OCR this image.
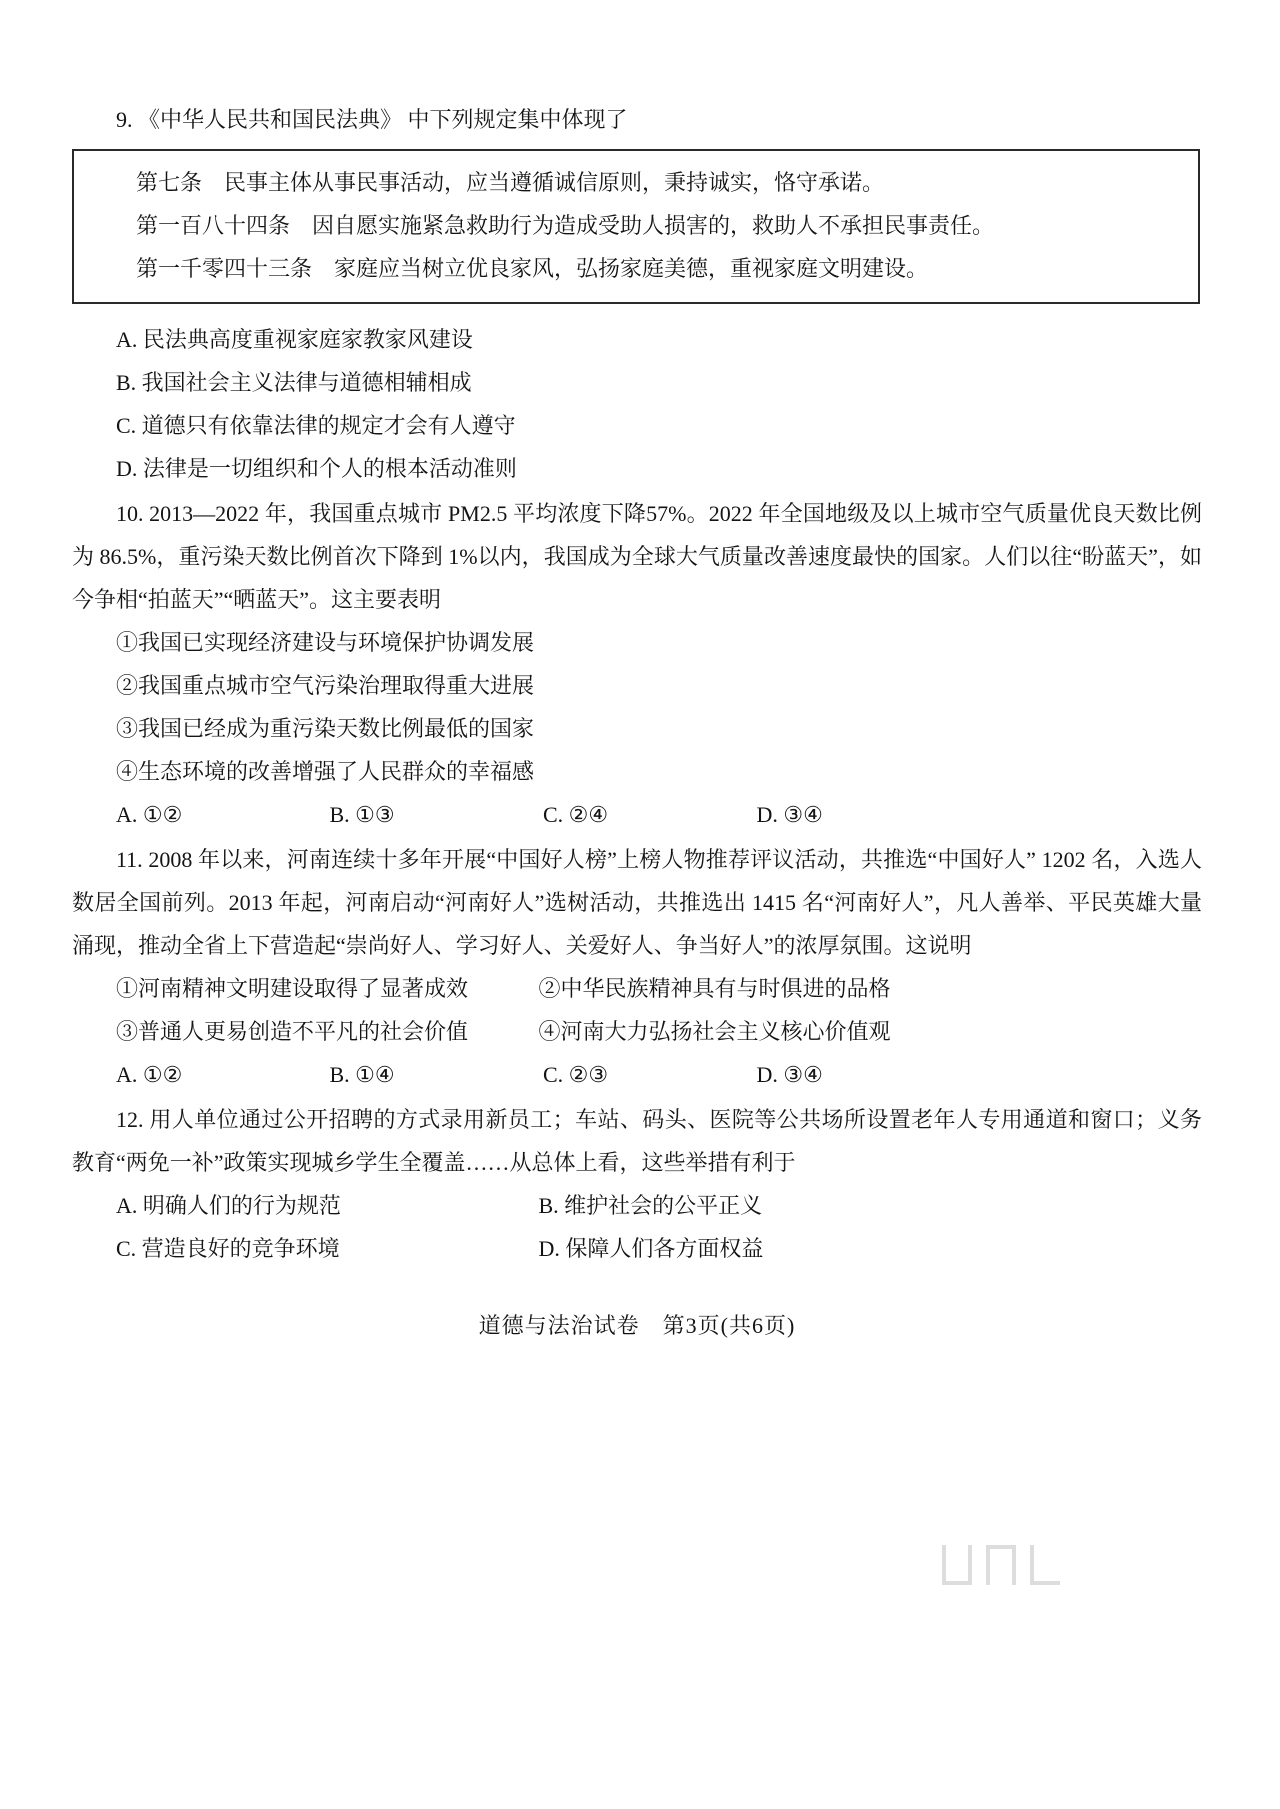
9. 《中华人民共和国民法典》 中下列规定集中体现了

第七条　民事主体从事民事活动，应当遵循诚信原则，秉持诚实，恪守承诺。

第一百八十四条　因自愿实施紧急救助行为造成受助人损害的，救助人不承担民事责任。

第一千零四十三条　家庭应当树立优良家风，弘扬家庭美德，重视家庭文明建设。

A. 民法典高度重视家庭家教家风建设

B. 我国社会主义法律与道德相辅相成

C. 道德只有依靠法律的规定才会有人遵守

D. 法律是一切组织和个人的根本活动准则

10. 2013—2022 年，我国重点城市 PM2.5 平均浓度下降57%。2022 年全国地级及以上城市空气质量优良天数比例为 86.5%，重污染天数比例首次下降到 1%以内，我国成为全球大气质量改善速度最快的国家。人们以往“盼蓝天”，如今争相“拍蓝天”“晒蓝天”。这主要表明

①我国已实现经济建设与环境保护协调发展

②我国重点城市空气污染治理取得重大进展

③我国已经成为重污染天数比例最低的国家

④生态环境的改善增强了人民群众的幸福感

A. ①②	B. ①③	C. ②④	D. ③④

11. 2008 年以来，河南连续十多年开展“中国好人榜”上榜人物推荐评议活动，共推选“中国好人” 1202 名，入选人数居全国前列。2013 年起，河南启动“河南好人”选树活动，共推选出 1415 名“河南好人”，凡人善举、平民英雄大量涌现，推动全省上下营造起“崇尚好人、学习好人、关爱好人、争当好人”的浓厚氛围。这说明

①河南精神文明建设取得了显著成效	②中华民族精神具有与时俱进的品格

③普通人更易创造不平凡的社会价值	④河南大力弘扬社会主义核心价值观

A. ①②	B. ①④	C. ②③	D. ③④

12. 用人单位通过公开招聘的方式录用新员工；车站、码头、医院等公共场所设置老年人专用通道和窗口；义务教育“两免一补”政策实现城乡学生全覆盖……从总体上看，这些举措有利于

A. 明确人们的行为规范	B. 维护社会的公平正义

C. 营造良好的竞争环境	D. 保障人们各方面权益

道德与法治试卷　第3页(共6页)
